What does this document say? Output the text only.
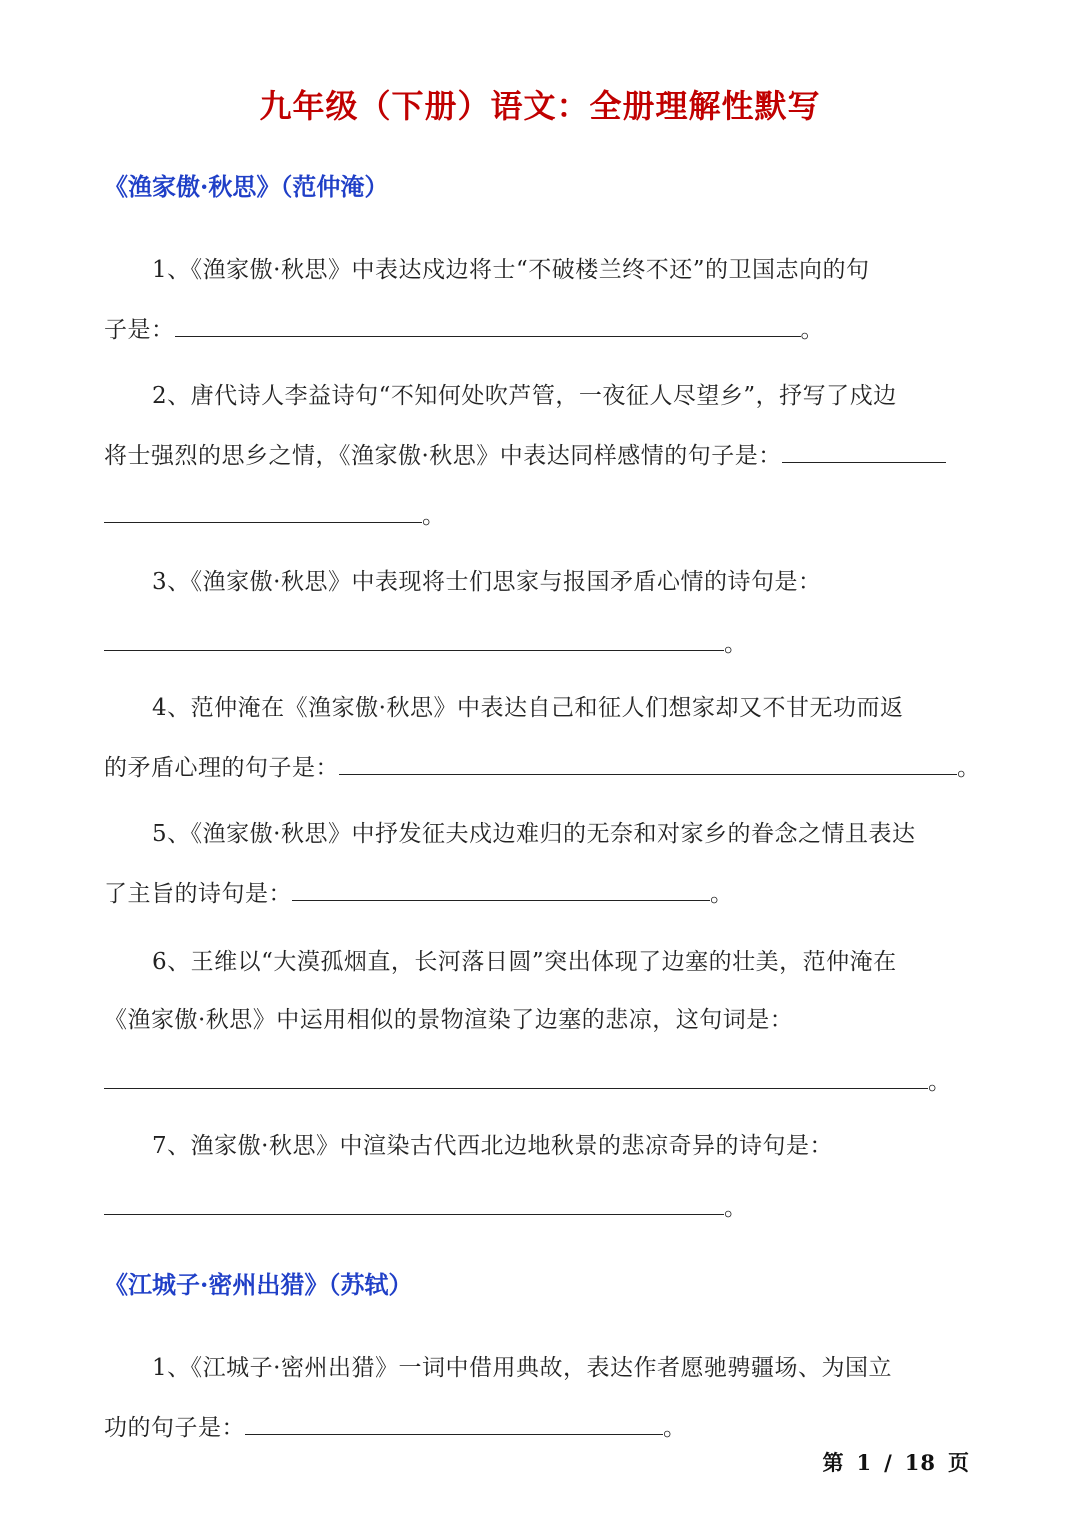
九年级（下册）语文：全册理解性默写
《渔家傲·秋思》（范仲淹）
1、《渔家傲·秋思》中表达戍边将士“不破楼兰终不还”的卫国志向的句
子是：	。
2、唐代诗人李益诗句“不知何处吹芦管，一夜征人尽望乡”，抒写了戍边
将士强烈的思乡之情，《渔家傲·秋思》中表达同样感情的句子是：
。
3、《渔家傲·秋思》中表现将士们思家与报国矛盾心情的诗句是：
。
4、范仲淹在《渔家傲·秋思》中表达自己和征人们想家却又不甘无功而返
的矛盾心理的句子是：	。
5、《渔家傲·秋思》中抒发征夫戍边难归的无奈和对家乡的眷念之情且表达
了主旨的诗句是：	。
6、王维以“大漠孤烟直，长河落日圆”突出体现了边塞的壮美，范仲淹在
《渔家傲·秋思》中运用相似的景物渲染了边塞的悲凉，这句词是：
。
7、渔家傲·秋思》中渲染古代西北边地秋景的悲凉奇异的诗句是：
。
《江城子·密州出猎》（苏轼）
1、《江城子·密州出猎》一词中借用典故，表达作者愿驰骋疆场、为国立
功的句子是：	。
第 1 / 18 页
